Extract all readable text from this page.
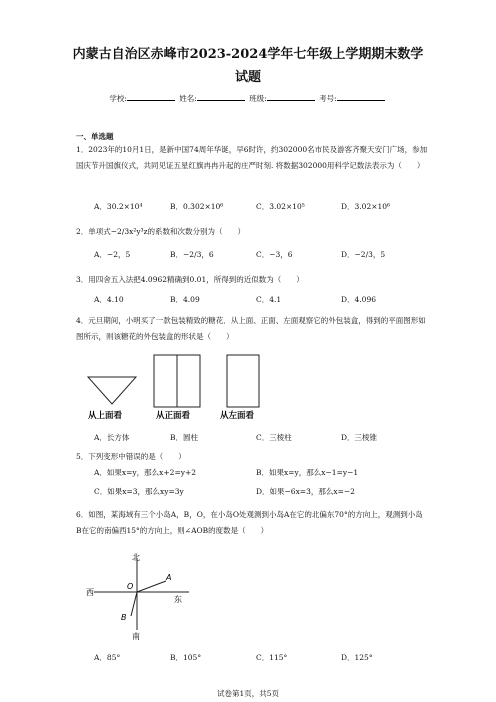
内蒙古自治区赤峰市2023-2024学年七年级上学期期末数学
试题
学校:	姓名:	班级:	考号:
一、单选题
1．2023年的10月1日，是新中国74周年华诞，早6时许，约302000名市民及游客齐聚天安门广场，参加国庆节升国旗仪式，共同见证五星红旗冉冉升起的庄严时刻. 将数据302000用科学记数法表示为（　　）
A．30.2×10⁴	B．0.302×10⁶	C．3.02×10⁵	D．3.02×10⁶
2．单项式−2/3x²y³z的系数和次数分别为（　　）
A．−2，5	B．−2/3，6	C．−3，6	D．−2/3，5
3．用四舍五入法把4.0962精确到0.01，所得到的近似数为（　　）
A．4.10	B．4.09	C．4.1	D．4.096
4．元旦期间，小明买了一款包装精致的糖花．从上面、正面、左面观察它的外包装盒，得到的平面图形如图所示，则该糖花的外包装盒的形状是（　　）
从上面看	从正面看	从左面看
A．长方体	B．圆柱	C．三棱柱	D．三棱锥
5．下列变形中错误的是（　　）
A．如果x=y，那么x+2=y+2	B．如果x=y，那么x−1=y−1
C．如果x=3，那么xy=3y	D．如果−6x=3，那么x=−2
6．如图，某海域有三个小岛A，B，O，在小岛O处观测到小岛A在它的北偏东70°的方向上，观测到小岛B在它的南偏西15°的方向上，则∠AOB的度数是（　　）
北
南
西
东
O
A
B
A．85°	B．105°	C．115°	D．125°
试卷第1页，共5页
